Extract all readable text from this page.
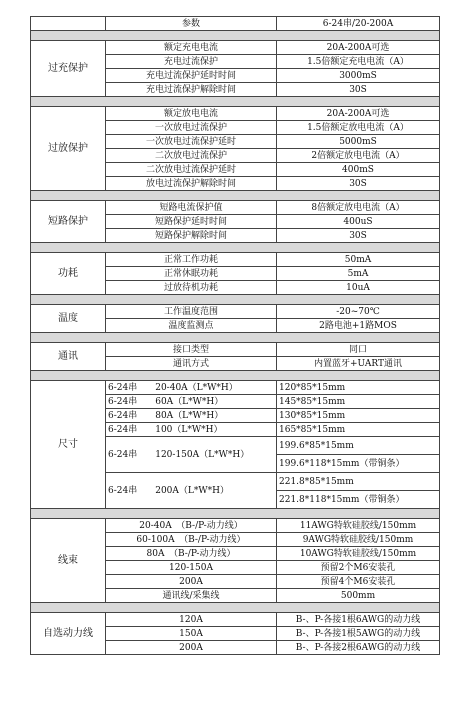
	参数	6-24串/20-200A

过充保护	额定充电电流	20A-200A可选
	充电过流保护	1.5倍额定充电电流（A）
	充电过流保护延时时间	3000mS
	充电过流保护解除时间	30S

过放保护	额定放电电流	20A-200A可选
	一次放电过流保护	1.5倍额定放电电流（A）
	一次放电过流保护延时	5000mS
	二次放电过流保护	2倍额定放电电流（A）
	二次放电过流保护延时	400mS
	放电过流保护解除时间	30S

短路保护	短路电流保护值	8倍额定放电电流（A）
	短路保护延时时间	400uS
	短路保护解除时间	30S

功耗	正常工作功耗	50mA
	正常休眠功耗	5mA
	过放待机功耗	10uA

温度	工作温度范围	-20~70℃
	温度监测点	2路电池+1路MOS

通讯	接口类型	同口
	通讯方式	内置蓝牙+UART通讯

尺寸	6-24串　　20-40A（L*W*H）	120*85*15mm
	6-24串　　60A（L*W*H）	145*85*15mm
	6-24串　　80A（L*W*H）	130*85*15mm
	6-24串　　100（L*W*H）	165*85*15mm
	6-24串　　120-150A（L*W*H）	199.6*85*15mm
		199.6*118*15mm（带铜条）
	6-24串　　200A（L*W*H）	221.8*85*15mm
		221.8*118*15mm（带铜条）

线束	20-40A　（B-/P-动力线）	11AWG特软硅胶线/150mm
	60-100A　（B-/P-动力线）	9AWG特软硅胶线/150mm
	80A　（B-/P-动力线）	10AWG特软硅胶线/150mm
	120-150A	预留2个M6安装孔
	200A	预留4个M6安装孔
	通讯线/采集线	500mm

自选动力线	120A	B-、P-各接1根6AWG的动力线
	150A	B-、P-各接1根5AWG的动力线
	200A	B-、P-各接2根6AWG的动力线
